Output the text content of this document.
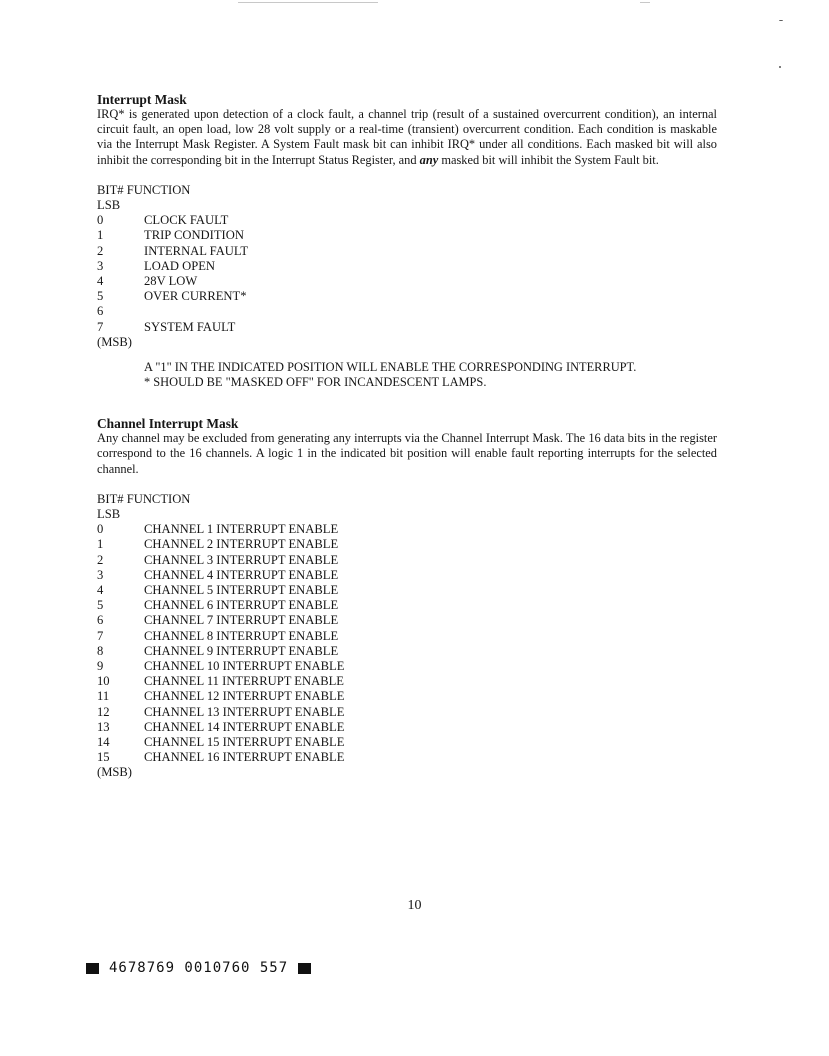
Interrupt Mask

IRQ* is generated upon detection of a clock fault, a channel trip (result of a sustained overcurrent condition), an internal circuit fault, an open load, low 28 volt supply or a real-time (transient) overcurrent condition. Each condition is maskable via the Interrupt Mask Register. A System Fault mask bit can inhibit IRQ* under all conditions. Each masked bit will also inhibit the corresponding bit in the Interrupt Status Register, and any masked bit will inhibit the System Fault bit.

BIT# FUNCTION
LSB
0	CLOCK FAULT
1	TRIP CONDITION
2	INTERNAL FAULT
3	LOAD OPEN
4	28V LOW
5	OVER CURRENT*
6
7	SYSTEM FAULT
(MSB)

A "1" IN THE INDICATED POSITION WILL ENABLE THE CORRESPONDING INTERRUPT.

* SHOULD BE "MASKED OFF" FOR INCANDESCENT LAMPS.

Channel Interrupt Mask

Any channel may be excluded from generating any interrupts via the Channel Interrupt Mask. The 16 data bits in the register correspond to the 16 channels. A logic 1 in the indicated bit position will enable fault reporting interrupts for the selected channel.

BIT# FUNCTION
LSB
0	CHANNEL 1 INTERRUPT ENABLE
1	CHANNEL 2 INTERRUPT ENABLE
2	CHANNEL 3 INTERRUPT ENABLE
3	CHANNEL 4 INTERRUPT ENABLE
4	CHANNEL 5 INTERRUPT ENABLE
5	CHANNEL 6 INTERRUPT ENABLE
6	CHANNEL 7 INTERRUPT ENABLE
7	CHANNEL 8 INTERRUPT ENABLE
8	CHANNEL 9 INTERRUPT ENABLE
9	CHANNEL 10 INTERRUPT ENABLE
10	CHANNEL 11 INTERRUPT ENABLE
11	CHANNEL 12 INTERRUPT ENABLE
12	CHANNEL 13 INTERRUPT ENABLE
13	CHANNEL 14 INTERRUPT ENABLE
14	CHANNEL 15 INTERRUPT ENABLE
15	CHANNEL 16 INTERRUPT ENABLE
(MSB)
10
4678769 0010760 557
